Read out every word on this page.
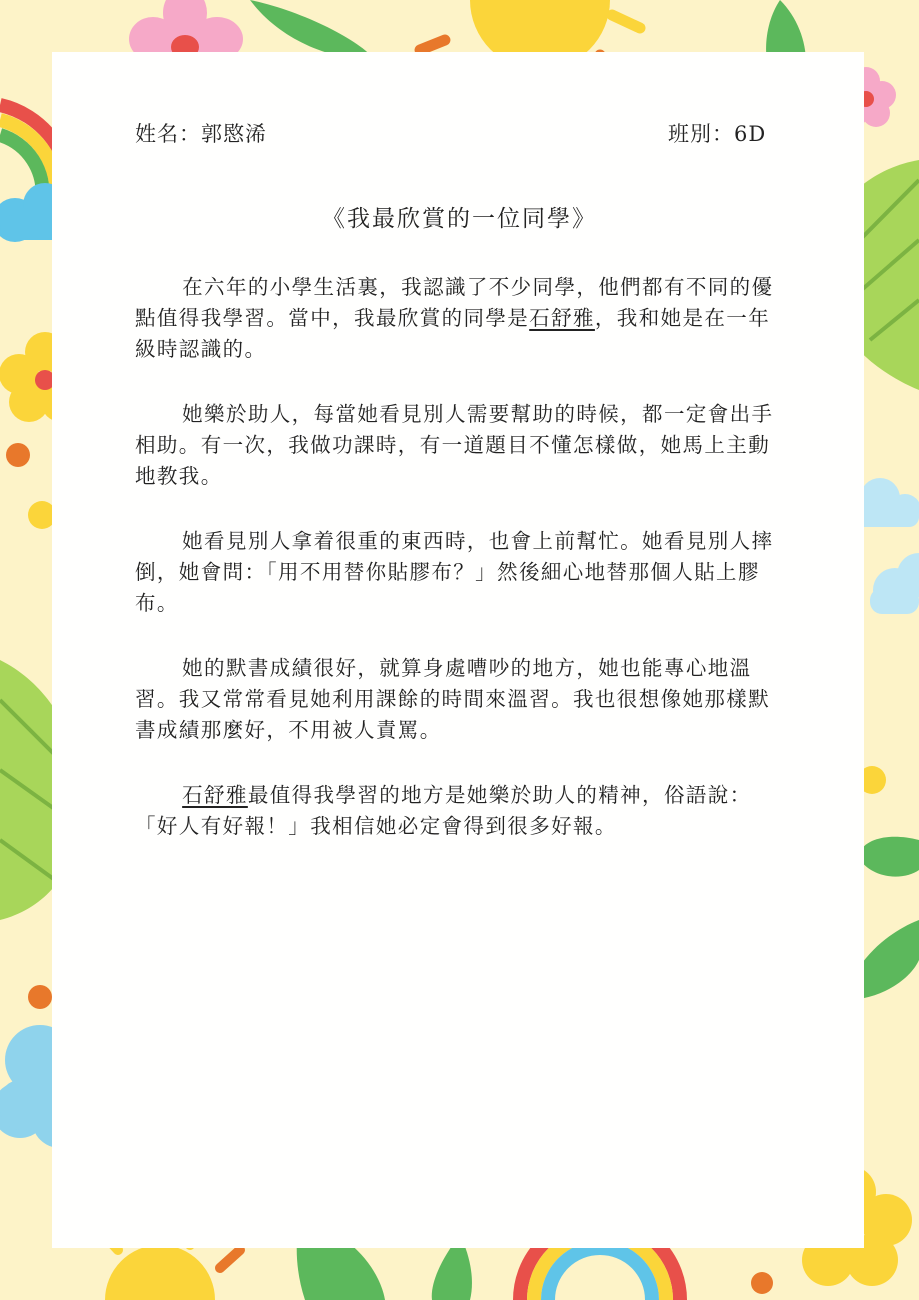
姓名：郭愍浠	班別：6D
《我最欣賞的一位同學》

在六年的小學生活裏，我認識了不少同學，他們都有不同的優點值得我學習。當中，我最欣賞的同學是石舒雅，我和她是在一年級時認識的。

她樂於助人，每當她看見別人需要幫助的時候，都一定會出手相助。有一次，我做功課時，有一道題目不懂怎樣做，她馬上主動地教我。

她看見別人拿着很重的東西時，也會上前幫忙。她看見別人摔倒，她會問：「用不用替你貼膠布？」然後細心地替那個人貼上膠布。

她的默書成績很好，就算身處嘈吵的地方，她也能專心地溫習。我又常常看見她利用課餘的時間來溫習。我也很想像她那樣默書成績那麼好，不用被人責罵。

石舒雅最值得我學習的地方是她樂於助人的精神，俗語說：「好人有好報！」我相信她必定會得到很多好報。
